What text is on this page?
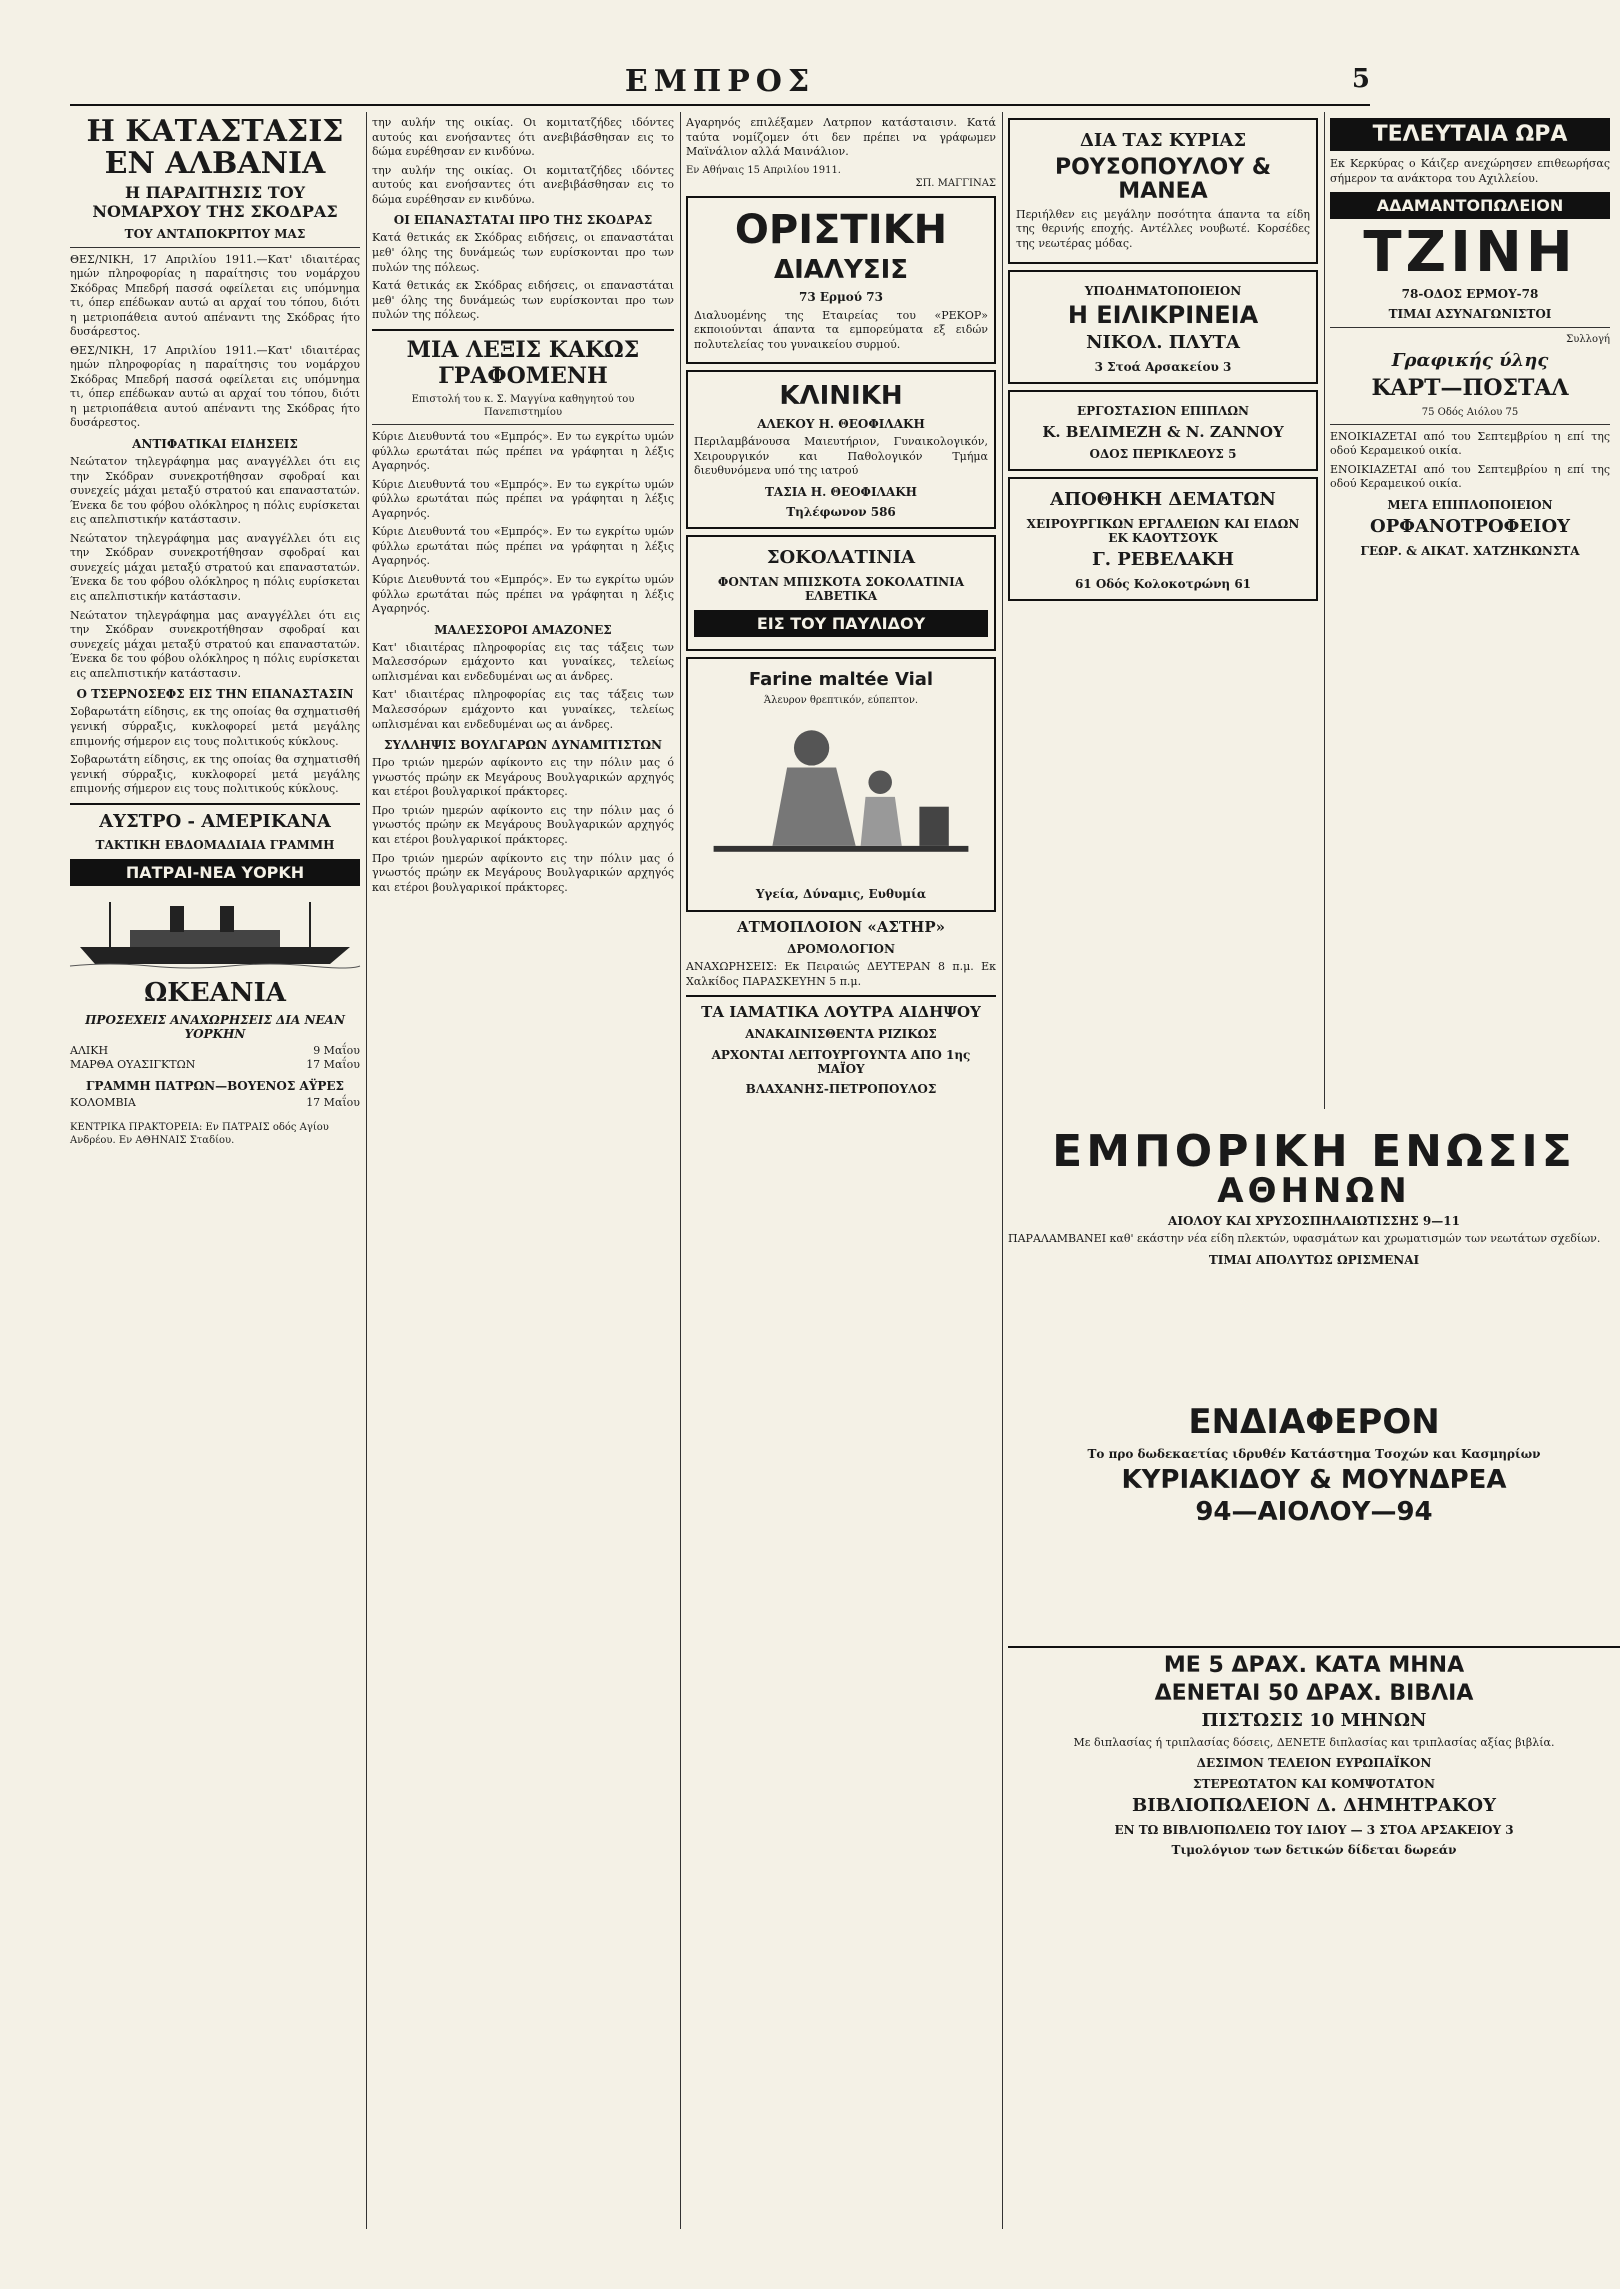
ΕΜΠΡΟΣ	5
Η ΚΑΤΑΣΤΑΣΙΣ ΕΝ ΑΛΒΑΝΙΑ
Η ΠΑΡΑΙΤΗΣΙΣ ΤΟΥ ΝΟΜΑΡΧΟΥ ΤΗΣ ΣΚΟΔΡΑΣ
ΤΟΥ ΑΝΤΑΠΟΚΡΙΤΟΥ ΜΑΣ

ΘΕΣ/ΝΙΚΗ, 17 Απριλίου 1911.—Κατ' ιδιαιτέρας ημών πληροφορίας η παραίτησις του νομάρχου Σκόδρας Μπεδρή πασσά οφείλεται εις υπόμνημα τι, όπερ επέδωκαν αυτώ αι αρχαί του τόπου, διότι η μετριοπάθεια αυτού απέναντι της Σκόδρας ήτο δυσάρεστος.

ΘΕΣ/ΝΙΚΗ, 17 Απριλίου 1911.—Κατ' ιδιαιτέρας ημών πληροφορίας η παραίτησις του νομάρχου Σκόδρας Μπεδρή πασσά οφείλεται εις υπόμνημα τι, όπερ επέδωκαν αυτώ αι αρχαί του τόπου, διότι η μετριοπάθεια αυτού απέναντι της Σκόδρας ήτο δυσάρεστος.

ΑΝΤΙΦΑΤΙΚΑΙ ΕΙΔΗΣΕΙΣ

Νεώτατον τηλεγράφημα μας αναγγέλλει ότι εις την Σκόδραν συνεκροτήθησαν σφοδραί και συνεχείς μάχαι μεταξύ στρατού και επαναστατών. Ένεκα δε του φόβου ολόκληρος η πόλις ευρίσκεται εις απελπιστικήν κατάστασιν.

Νεώτατον τηλεγράφημα μας αναγγέλλει ότι εις την Σκόδραν συνεκροτήθησαν σφοδραί και συνεχείς μάχαι μεταξύ στρατού και επαναστατών. Ένεκα δε του φόβου ολόκληρος η πόλις ευρίσκεται εις απελπιστικήν κατάστασιν.

Νεώτατον τηλεγράφημα μας αναγγέλλει ότι εις την Σκόδραν συνεκροτήθησαν σφοδραί και συνεχείς μάχαι μεταξύ στρατού και επαναστατών. Ένεκα δε του φόβου ολόκληρος η πόλις ευρίσκεται εις απελπιστικήν κατάστασιν.

Ο ΤΣΕΡΝΟΣΕΦΣ ΕΙΣ ΤΗΝ ΕΠΑΝΑΣΤΑΣΙΝ

Σοβαρωτάτη είδησις, εκ της οποίας θα σχηματισθή γενική σύρραξις, κυκλοφορεί μετά μεγάλης επιμονής σήμερον εις τους πολιτικούς κύκλους.

Σοβαρωτάτη είδησις, εκ της οποίας θα σχηματισθή γενική σύρραξις, κυκλοφορεί μετά μεγάλης επιμονής σήμερον εις τους πολιτικούς κύκλους.

ΑΥΣΤΡΟ - ΑΜΕΡΙΚΑΝΑ
ΤΑΚΤΙΚΗ ΕΒΔΟΜΑΔΙΑΙΑ ΓΡΑΜΜΗ
ΠΑΤΡΑΙ-ΝΕΑ ΥΟΡΚΗ
ΩΚΕΑΝΙΑ
ΠΡΟΣΕΧΕΙΣ ΑΝΑΧΩΡΗΣΕΙΣ ΔΙΑ ΝΕΑΝ ΥΟΡΚΗΝ
ΑΛΙΚΗ	9 Μαΐου
ΜΑΡΘΑ ΟΥΑΣΙΓΚΤΩΝ	17 Μαΐου
ΓΡΑΜΜΗ ΠΑΤΡΩΝ—ΒΟΥΕΝΟΣ ΑΫΡΕΣ
ΚΟΛΟΜΒΙΑ	17 Μαΐου

ΚΕΝΤΡΙΚΑ ΠΡΑΚΤΟΡΕΙΑ: Εν ΠΑΤΡΑΙΣ οδός Αγίου Ανδρέου. Εν ΑΘΗΝΑΙΣ Σταδίου.

την αυλήν της οικίας. Οι κομιτατζήδες ιδόντες αυτούς και ενοήσαντες ότι ανεβιβάσθησαν εις το δώμα ευρέθησαν εν κινδύνω.

την αυλήν της οικίας. Οι κομιτατζήδες ιδόντες αυτούς και ενοήσαντες ότι ανεβιβάσθησαν εις το δώμα ευρέθησαν εν κινδύνω.

ΟΙ ΕΠΑΝΑΣΤΑΤΑΙ ΠΡΟ ΤΗΣ ΣΚΟΔΡΑΣ

Κατά θετικάς εκ Σκόδρας ειδήσεις, οι επαναστάται μεθ' όλης της δυνάμεώς των ευρίσκονται προ των πυλών της πόλεως.

Κατά θετικάς εκ Σκόδρας ειδήσεις, οι επαναστάται μεθ' όλης της δυνάμεώς των ευρίσκονται προ των πυλών της πόλεως.

ΜΙΑ ΛΕΞΙΣ ΚΑΚΩΣ ΓΡΑΦΟΜΕΝΗ
Επιστολή του κ. Σ. Μαγγίνα καθηγητού του Πανεπιστημίου

Κύριε Διευθυντά του «Εμπρός». Εν τω εγκρίτω υμών φύλλω ερωτάται πώς πρέπει να γράφηται η λέξις Αγαρηνός.

Κύριε Διευθυντά του «Εμπρός». Εν τω εγκρίτω υμών φύλλω ερωτάται πώς πρέπει να γράφηται η λέξις Αγαρηνός.

Κύριε Διευθυντά του «Εμπρός». Εν τω εγκρίτω υμών φύλλω ερωτάται πώς πρέπει να γράφηται η λέξις Αγαρηνός.

Κύριε Διευθυντά του «Εμπρός». Εν τω εγκρίτω υμών φύλλω ερωτάται πώς πρέπει να γράφηται η λέξις Αγαρηνός.

ΜΑΛΕΣΣΟΡΟΙ ΑΜΑΖΟΝΕΣ

Κατ' ιδιαιτέρας πληροφορίας εις τας τάξεις των Μαλεσσόρων εμάχοντο και γυναίκες, τελείως ωπλισμέναι και ενδεδυμέναι ως αι άνδρες.

Κατ' ιδιαιτέρας πληροφορίας εις τας τάξεις των Μαλεσσόρων εμάχοντο και γυναίκες, τελείως ωπλισμέναι και ενδεδυμέναι ως αι άνδρες.

ΣΥΛΛΗΨΙΣ ΒΟΥΛΓΑΡΩΝ ΔΥΝΑΜΙΤΙΣΤΩΝ

Προ τριών ημερών αφίκοντο εις την πόλιν μας ό γνωστός πρώην εκ Μεγάρους Βουλγαρικών αρχηγός και ετέροι βουλγαρικοί πράκτορες.

Προ τριών ημερών αφίκοντο εις την πόλιν μας ό γνωστός πρώην εκ Μεγάρους Βουλγαρικών αρχηγός και ετέροι βουλγαρικοί πράκτορες.

Προ τριών ημερών αφίκοντο εις την πόλιν μας ό γνωστός πρώην εκ Μεγάρους Βουλγαρικών αρχηγός και ετέροι βουλγαρικοί πράκτορες.

Αγαρηνός επιλέξαμεν Λατρπον κατάσταισιν. Κατά ταύτα νομίζομεν ότι δεν πρέπει να γράφωμεν Μαϊνάλιον αλλά Μαινάλιον.

Εν Αθήναις 15 Απριλίου 1911.
ΣΠ. ΜΑΓΓΙΝΑΣ
ΟΡΙΣΤΙΚΗ
ΔΙΑΛΥΣΙΣ
73 Ερμού 73

Διαλυομένης της Εταιρείας του «ΡΕΚΟΡ» εκποιούνται άπαντα τα εμπορεύματα εξ ειδών πολυτελείας του γυναικείου συρμού.

ΚΛΙΝΙΚΗ
ΑΛΕΚΟΥ Η. ΘΕΟΦΙΛΑΚΗ

Περιλαμβάνουσα Μαιευτήριον, Γυναικολογικόν, Χειρουργικόν και Παθολογικόν Τμήμα διευθυνόμενα υπό της ιατρού

ΤΑΣΙΑ Η. ΘΕΟΦΙΛΑΚΗ
Τηλέφωνον 586
ΣΟΚΟΛΑΤΙΝΙΑ
ΦΟΝΤΑΝ ΜΠΙΣΚΟΤΑ ΣΟΚΟΛΑΤΙΝΙΑ ΕΛΒΕΤΙΚΑ
ΕΙΣ ΤΟΥ ΠΑΥΛΙΔΟΥ
Farine maltée Vial
Άλευρον θρεπτικόν, εύπεπτον.
Υγεία, Δύναμις, Ευθυμία
ΑΤΜΟΠΛΟΙΟΝ «ΑΣΤΗΡ»
ΔΡΟΜΟΛΟΓΙΟΝ

ΑΝΑΧΩΡΗΣΕΙΣ: Εκ Πειραιώς ΔΕΥΤΕΡΑΝ 8 π.μ. Εκ Χαλκίδος ΠΑΡΑΣΚΕΥΗΝ 5 π.μ.

ΤΑ ΙΑΜΑΤΙΚΑ ΛΟΥΤΡΑ ΑΙΔΗΨΟΥ
ΑΝΑΚΑΙΝΙΣΘΕΝΤΑ ΡΙΖΙΚΩΣ
ΑΡΧΟΝΤΑΙ ΛΕΙΤΟΥΡΓΟΥΝΤΑ ΑΠΟ 1ης ΜΑΪΟΥ
ΒΛΑΧΑΝΗΣ-ΠΕΤΡΟΠΟΥΛΟΣ
ΔΙΑ ΤΑΣ ΚΥΡΙΑΣ
ΡΟΥΣΟΠΟΥΛΟΥ & ΜΑΝΕΑ

Περιήλθεν εις μεγάλην ποσότητα άπαντα τα είδη της θερινής εποχής. Αντέλλες νουβωτέ. Κορσέδες της νεωτέρας μόδας.

ΥΠΟΔΗΜΑΤΟΠΟΙΕΙΟΝ
Η ΕΙΛΙΚΡΙΝΕΙΑ
ΝΙΚΟΛ. ΠΛΥΤΑ
3 Στοά Αρσακείου 3
ΕΡΓΟΣΤΑΣΙΟΝ ΕΠΙΠΛΩΝ
Κ. ΒΕΛΙΜΕΖΗ & Ν. ΖΑΝΝΟΥ
ΟΔΟΣ ΠΕΡΙΚΛΕΟΥΣ 5
ΑΠΟΘΗΚΗ ΔΕΜΑΤΩΝ
ΧΕΙΡΟΥΡΓΙΚΩΝ ΕΡΓΑΛΕΙΩΝ ΚΑΙ ΕΙΔΩΝ ΕΚ ΚΑΟΥΤΣΟΥΚ
Γ. ΡΕΒΕΛΑΚΗ
61 Οδός Κολοκοτρώνη 61
ΤΕΛΕΥΤΑΙΑ ΩΡΑ

Εκ Κερκύρας ο Κάιζερ ανεχώρησεν επιθεωρήσας σήμερον τα ανάκτορα του Αχιλλείου.

ΑΔΑΜΑΝΤΟΠΩΛΕΙΟΝ
ΤΖΙΝΗ
78-ΟΔΟΣ ΕΡΜΟΥ-78
ΤΙΜΑΙ ΑΣΥΝΑΓΩΝΙΣΤΟΙ
Συλλογή
Γραφικής ύλης
ΚΑΡΤ—ΠΟΣΤΑΛ
75 Οδός Αιόλου 75

ΕΝΟΙΚΙΑΖΕΤΑΙ από του Σεπτεμβρίου η επί της οδού Κεραμεικού οικία.

ΕΝΟΙΚΙΑΖΕΤΑΙ από του Σεπτεμβρίου η επί της οδού Κεραμεικού οικία.

ΜΕΓΑ ΕΠΙΠΛΟΠΟΙΕΙΟΝ
ΟΡΦΑΝΟΤΡΟΦΕΙΟΥ
ΓΕΩΡ. & ΑΙΚΑΤ. ΧΑΤΖΗΚΩΝΣΤΑ
ΕΜΠΟΡΙΚΗ ΕΝΩΣΙΣ
ΑΘΗΝΩΝ
ΑΙΟΛΟΥ ΚΑΙ ΧΡΥΣΟΣΠΗΛΑΙΩΤΙΣΣΗΣ 9—11

ΠΑΡΑΛΑΜΒΑΝΕΙ καθ' εκάστην νέα είδη πλεκτών, υφασμάτων και χρωματισμών των νεωτάτων σχεδίων.

ΤΙΜΑΙ ΑΠΟΛΥΤΩΣ ΩΡΙΣΜΕΝΑΙ
ΕΝΔΙΑΦΕΡΟΝ
Το προ δωδεκαετίας ιδρυθέν Κατάστημα Τσοχών και Κασμηρίων
ΚΥΡΙΑΚΙΔΟΥ & ΜΟΥΝΔΡΕΑ
94—ΑΙΟΛΟΥ—94
ΜΕ 5 ΔΡΑΧ. ΚΑΤΑ ΜΗΝΑ
ΔΕΝΕΤΑΙ 50 ΔΡΑΧ. ΒΙΒΛΙΑ
ΠΙΣΤΩΣΙΣ 10 ΜΗΝΩΝ

Με διπλασίας ή τριπλασίας δόσεις, ΔΕΝΕΤΕ διπλασίας και τριπλασίας αξίας βιβλία.

ΔΕΣΙΜΟΝ ΤΕΛΕΙΟΝ ΕΥΡΩΠΑΪΚΟΝ
ΣΤΕΡΕΩΤΑΤΟΝ ΚΑΙ ΚΟΜΨΟΤΑΤΟΝ
ΒΙΒΛΙΟΠΩΛΕΙΟΝ Δ. ΔΗΜΗΤΡΑΚΟΥ
ΕΝ ΤΩ ΒΙΒΛΙΟΠΩΛΕΙΩ ΤΟΥ ΙΔΙΟΥ — 3 ΣΤΟΑ ΑΡΣΑΚΕΙΟΥ 3
Τιμολόγιον των δετικών δίδεται δωρεάν
